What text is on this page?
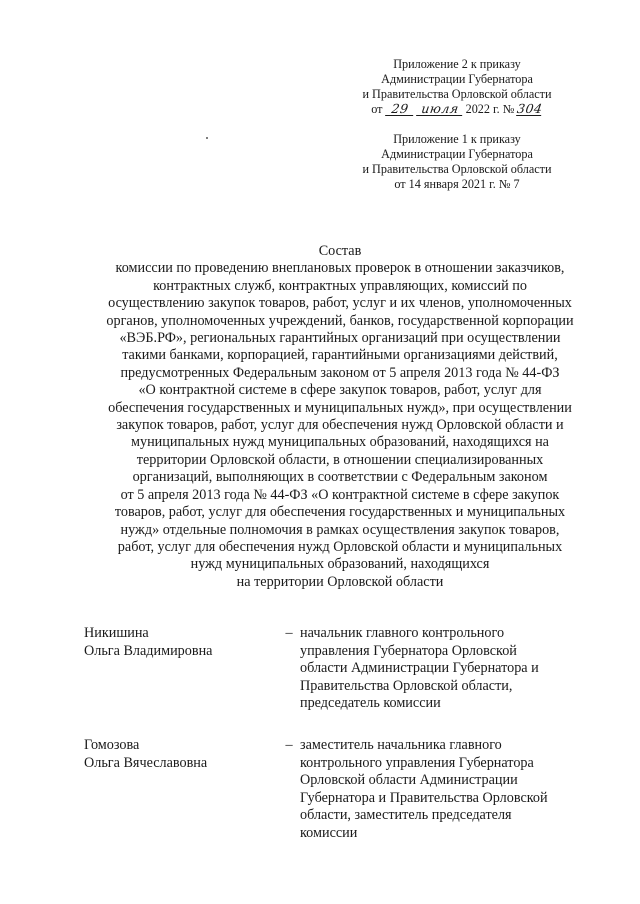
Приложение 2 к приказу
Администрации Губернатора
и Правительства Орловской области
от 29 июля 2022 г. № 304
Приложение 1 к приказу
Администрации Губернатора
и Правительства Орловской области
от 14 января 2021 г. № 7
Состав
комиссии по проведению внеплановых проверок в отношении заказчиков,
контрактных служб, контрактных управляющих, комиссий по
осуществлению закупок товаров, работ, услуг и их членов, уполномоченных
органов, уполномоченных учреждений, банков, государственной корпорации
«ВЭБ.РФ», региональных гарантийных организаций при осуществлении
такими банками, корпорацией, гарантийными организациями действий,
предусмотренных Федеральным законом от 5 апреля 2013 года № 44-ФЗ
«О контрактной системе в сфере закупок товаров, работ, услуг для
обеспечения государственных и муниципальных нужд», при осуществлении
закупок товаров, работ, услуг для обеспечения нужд Орловской области и
муниципальных нужд муниципальных образований, находящихся на
территории Орловской области, в отношении специализированных
организаций, выполняющих в соответствии с Федеральным законом
от 5 апреля 2013 года № 44-ФЗ «О контрактной системе в сфере закупок
товаров, работ, услуг для обеспечения государственных и муниципальных
нужд» отдельные полномочия в рамках осуществления закупок товаров,
работ, услуг для обеспечения нужд Орловской области и муниципальных
нужд муниципальных образований, находящихся
на территории Орловской области
Никишина
Ольга Владимировна
– начальник главного контрольного
управления Губернатора Орловской
области Администрации Губернатора и
Правительства Орловской области,
председатель комиссии
Гомозова
Ольга Вячеславовна
– заместитель начальника главного
контрольного управления Губернатора
Орловской области Администрации
Губернатора и Правительства Орловской
области, заместитель председателя
комиссии
